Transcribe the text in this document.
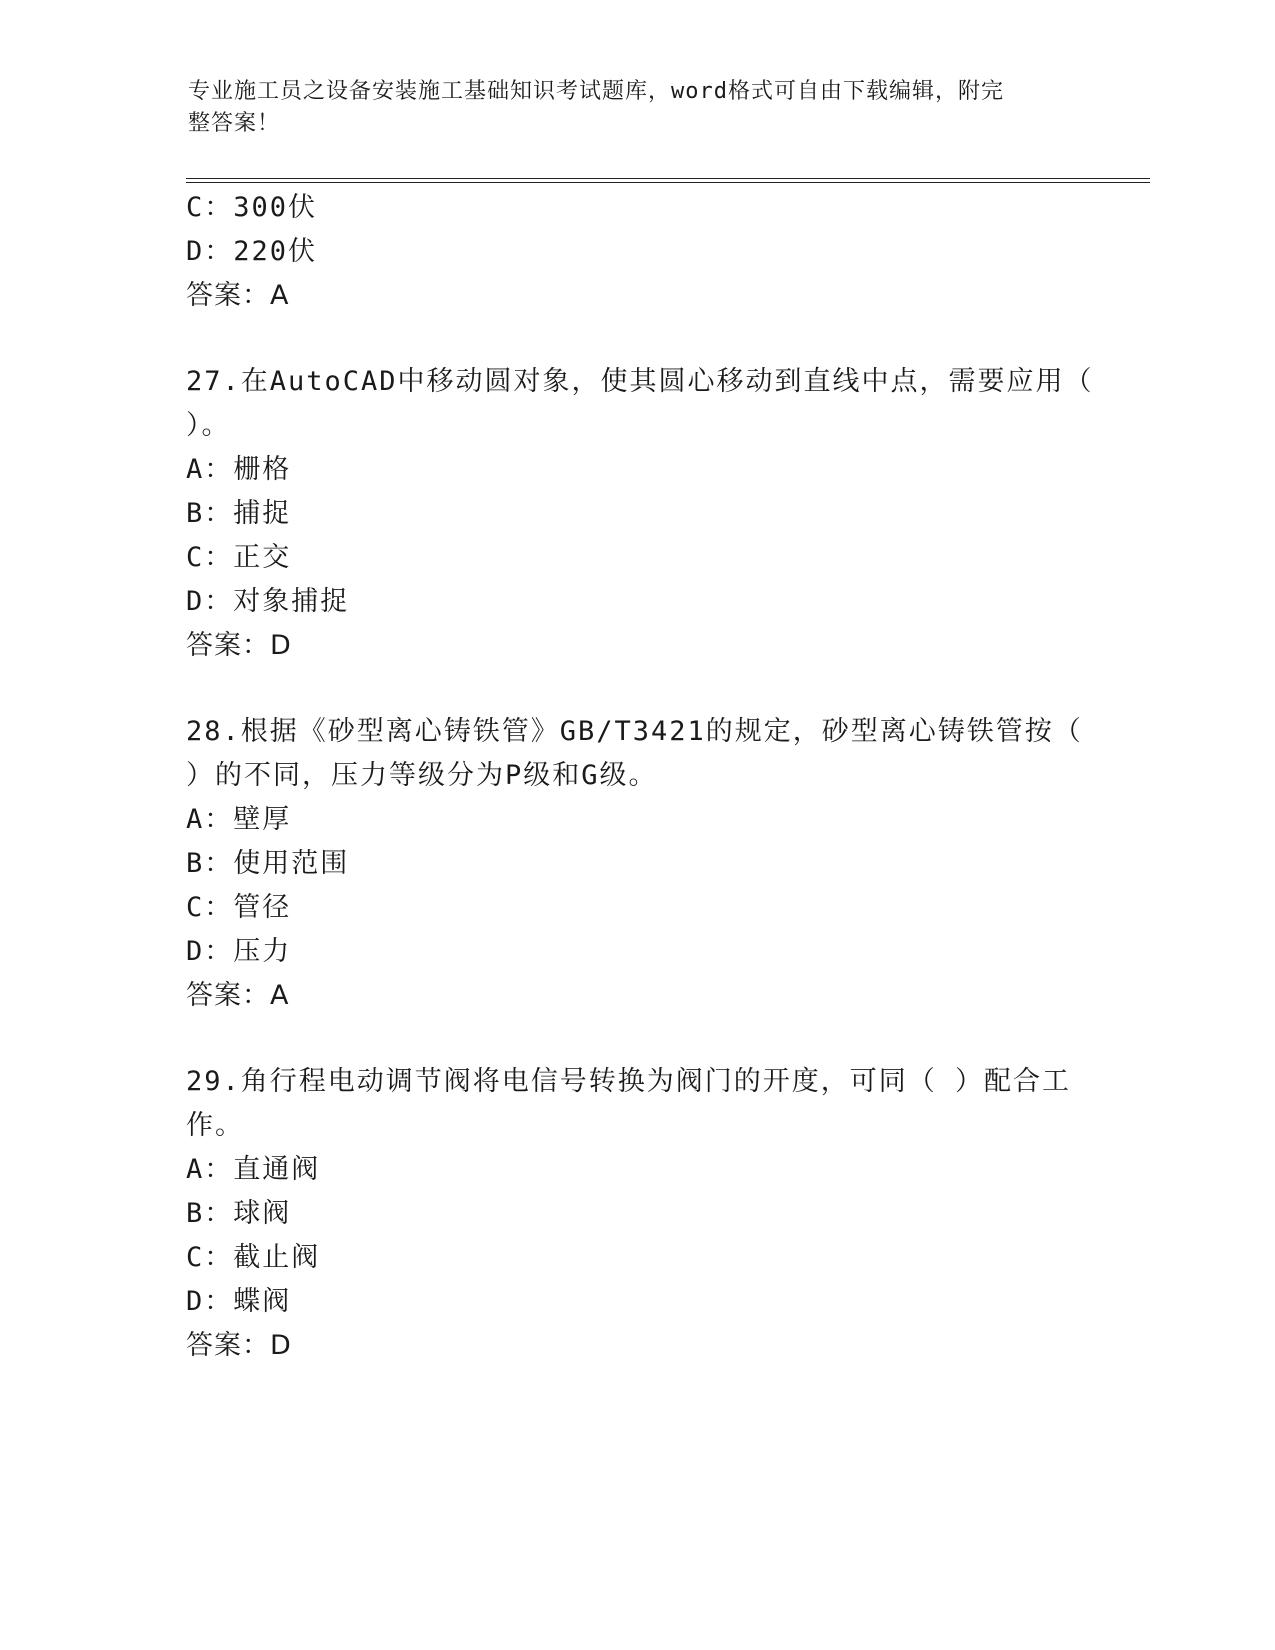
专业施工员之设备安装施工基础知识考试题库，word格式可自由下载编辑，附完
整答案！
C：300伏
D：220伏
答案：A
27.在AutoCAD中移动圆对象，使其圆心移动到直线中点，需要应用（
）。
A：栅格
B：捕捉
C：正交
D：对象捕捉
答案：D
28.根据《砂型离心铸铁管》GB/T3421的规定，砂型离心铸铁管按（
）的不同，压力等级分为P级和G级。
A：壁厚
B：使用范围
C：管径
D：压力
答案：A
29.角行程电动调节阀将电信号转换为阀门的开度，可同（ ）配合工
作。
A：直通阀
B：球阀
C：截止阀
D：蝶阀
答案：D
